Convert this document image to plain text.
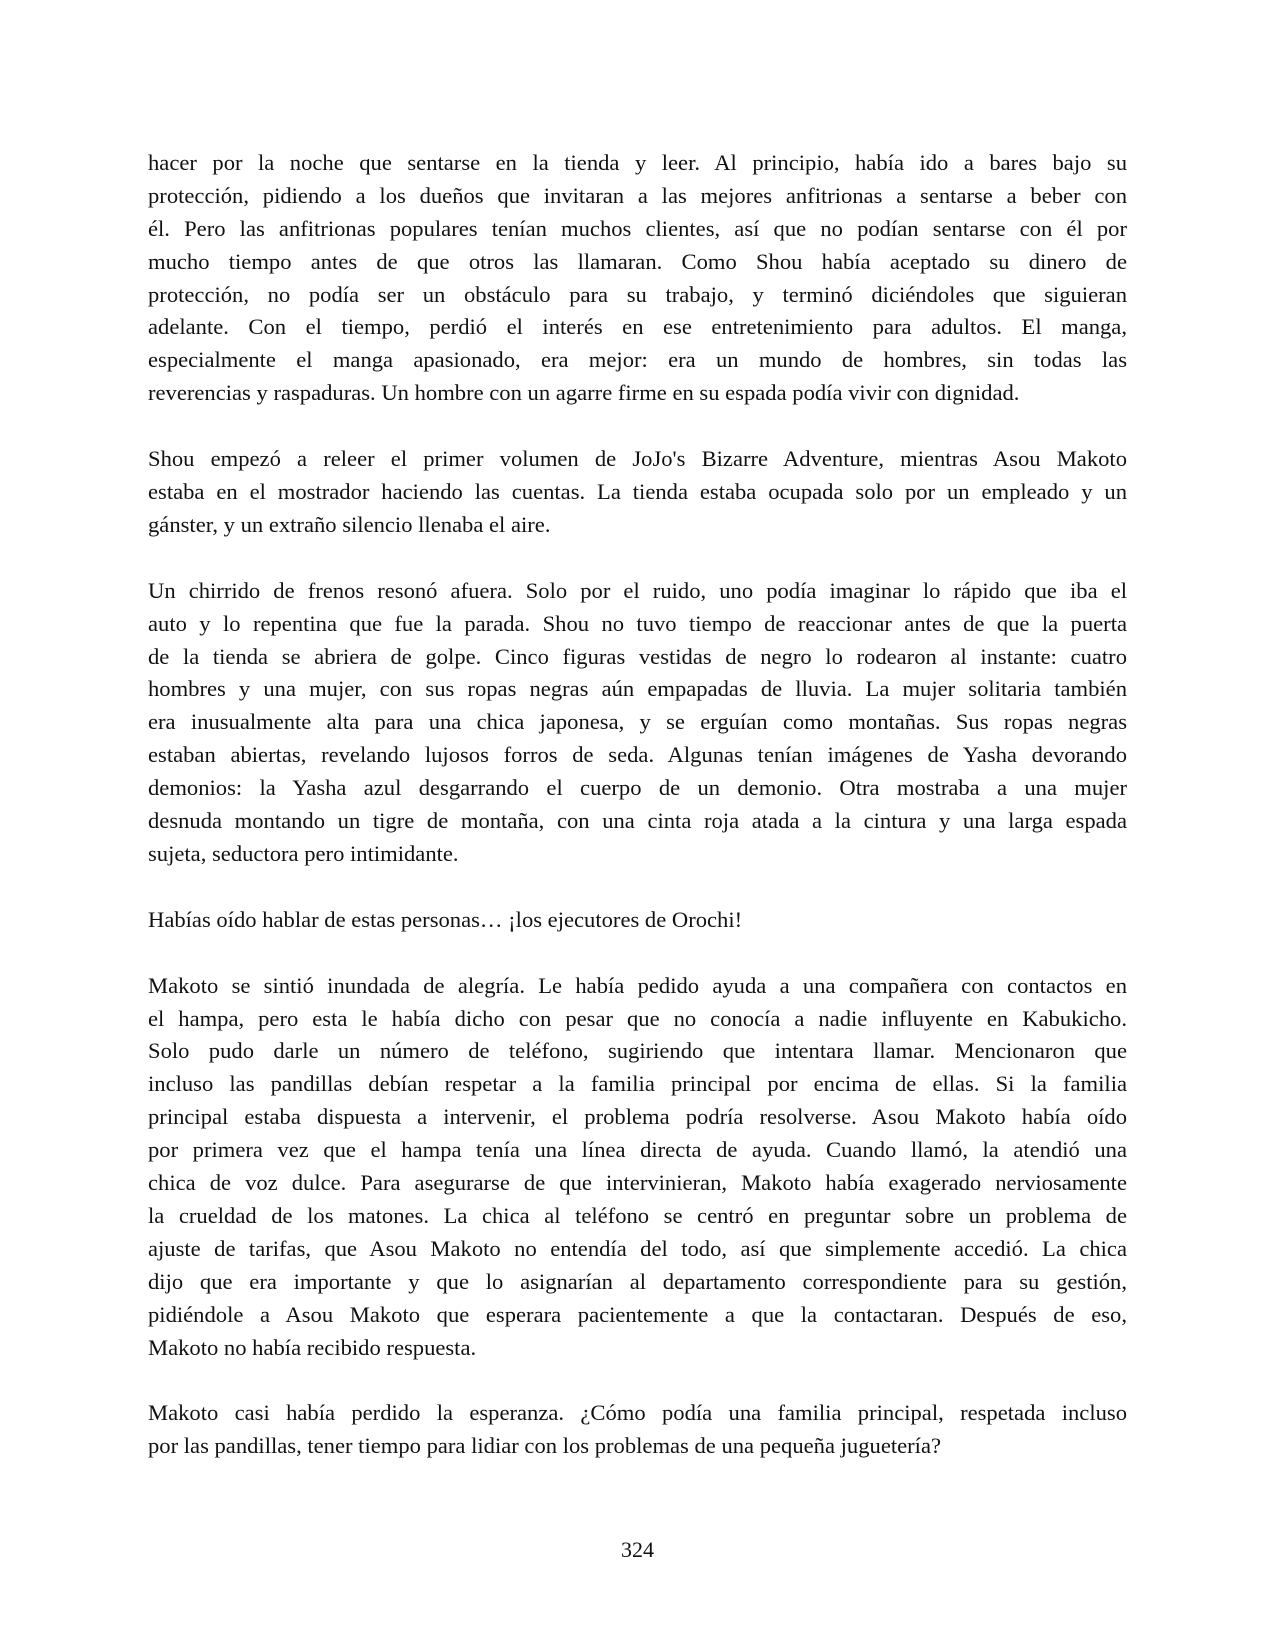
hacer por la noche que sentarse en la tienda y leer. Al principio, había ido a bares bajo su
protección, pidiendo a los dueños que invitaran a las mejores anfitrionas a sentarse a beber con
él. Pero las anfitrionas populares tenían muchos clientes, así que no podían sentarse con él por
mucho tiempo antes de que otros las llamaran. Como Shou había aceptado su dinero de
protección, no podía ser un obstáculo para su trabajo, y terminó diciéndoles que siguieran
adelante. Con el tiempo, perdió el interés en ese entretenimiento para adultos. El manga,
especialmente el manga apasionado, era mejor: era un mundo de hombres, sin todas las
reverencias y raspaduras. Un hombre con un agarre firme en su espada podía vivir con dignidad.
Shou empezó a releer el primer volumen de JoJo's Bizarre Adventure, mientras Asou Makoto
estaba en el mostrador haciendo las cuentas. La tienda estaba ocupada solo por un empleado y un
gánster, y un extraño silencio llenaba el aire.
Un chirrido de frenos resonó afuera. Solo por el ruido, uno podía imaginar lo rápido que iba el
auto y lo repentina que fue la parada. Shou no tuvo tiempo de reaccionar antes de que la puerta
de la tienda se abriera de golpe. Cinco figuras vestidas de negro lo rodearon al instante: cuatro
hombres y una mujer, con sus ropas negras aún empapadas de lluvia. La mujer solitaria también
era inusualmente alta para una chica japonesa, y se erguían como montañas. Sus ropas negras
estaban abiertas, revelando lujosos forros de seda. Algunas tenían imágenes de Yasha devorando
demonios: la Yasha azul desgarrando el cuerpo de un demonio. Otra mostraba a una mujer
desnuda montando un tigre de montaña, con una cinta roja atada a la cintura y una larga espada
sujeta, seductora pero intimidante.
Habías oído hablar de estas personas… ¡los ejecutores de Orochi!
Makoto se sintió inundada de alegría. Le había pedido ayuda a una compañera con contactos en
el hampa, pero esta le había dicho con pesar que no conocía a nadie influyente en Kabukicho.
Solo pudo darle un número de teléfono, sugiriendo que intentara llamar. Mencionaron que
incluso las pandillas debían respetar a la familia principal por encima de ellas. Si la familia
principal estaba dispuesta a intervenir, el problema podría resolverse. Asou Makoto había oído
por primera vez que el hampa tenía una línea directa de ayuda. Cuando llamó, la atendió una
chica de voz dulce. Para asegurarse de que intervinieran, Makoto había exagerado nerviosamente
la crueldad de los matones. La chica al teléfono se centró en preguntar sobre un problema de
ajuste de tarifas, que Asou Makoto no entendía del todo, así que simplemente accedió. La chica
dijo que era importante y que lo asignarían al departamento correspondiente para su gestión,
pidiéndole a Asou Makoto que esperara pacientemente a que la contactaran. Después de eso,
Makoto no había recibido respuesta.
Makoto casi había perdido la esperanza. ¿Cómo podía una familia principal, respetada incluso
por las pandillas, tener tiempo para lidiar con los problemas de una pequeña juguetería?
324
